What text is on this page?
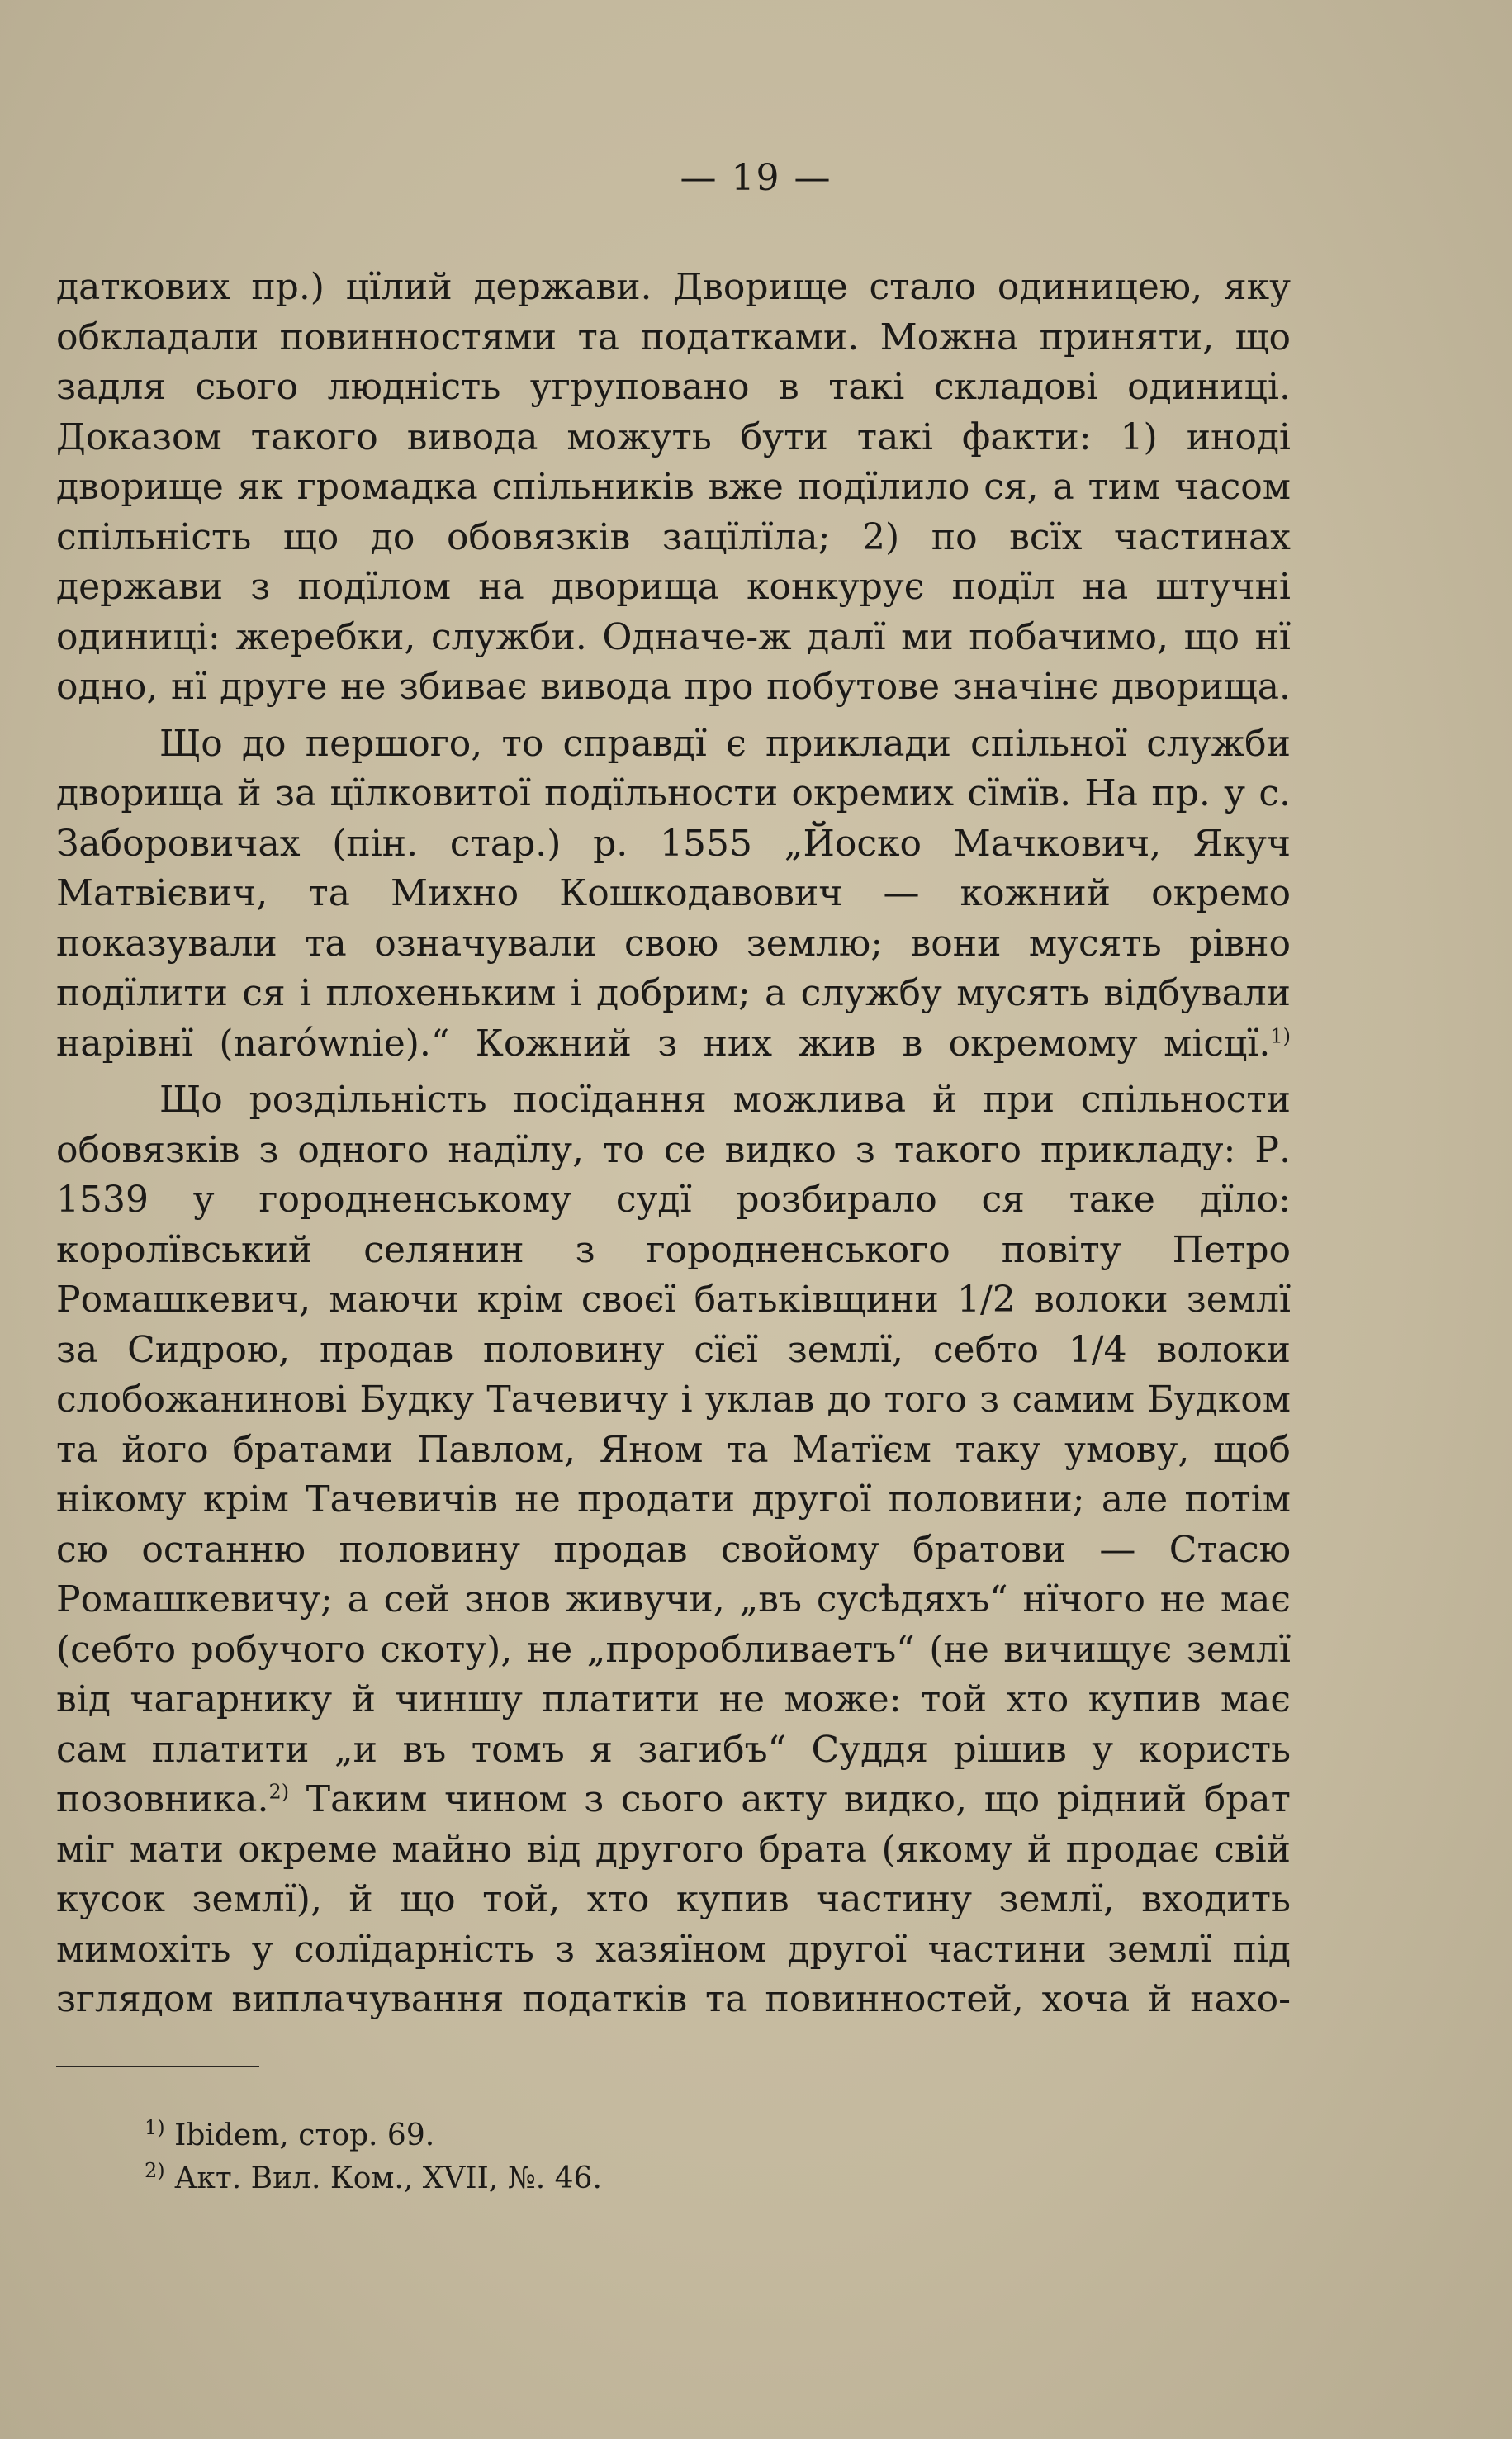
— 19 —

даткових пр.) цїлий держави. Дворище стало одиницею, яку обкладали повинностями та податками. Можна приняти, що задля сього людність угруповано в такі складові одиниці. Доказом такого вивода можуть бути такі факти: 1) иноді дворище як громадка спільників вже подїлило ся, а тим часом спільність що до обовязків зацїлїла; 2) по всїх частинах держави з подїлом на дворища конкурує подїл на штучні одиниці: жеребки, служби. Одначе-ж далї ми побачимо, що нї одно, нї друге не збиває вивода про побутове значінє дворища.

Що до першого, то справдї є приклади спільної служби дворища й за цїлковитої подїльности окремих сїмїв. На пр. у с. Заборовичах (пін. стар.) р. 1555 „Йоско Мачкович, Якуч Матвієвич, та Михно Кошкодавович — кожний окремо показували та означували свою землю; вони мусять рівно подїлити ся і плохеньким і добрим; а службу мусять відбували нарівнї (narównie).“ Кожний з них жив в окремому місцї.$^{1)}$

Що роздільність посїдання можлива й при спільности обовязків з одного надїлу, то се видко з такого прикладу: Р. 1539 у городненському судї розбирало ся таке дїло: королївський селянин з городненського повіту Петро Ромашкевич, маючи крім своєї батьківщини 1/2 волоки землї за Сидрою, продав половину сїєї землї, себто 1/4 волоки слобожанинові Будку Тачевичу і уклав до того з самим Будком та його братами Павлом, Яном та Матїєм таку умову, щоб нікому крім Тачевичів не продати другої половини; але потім сю останню половину продав свойому братови — Стасю Ромашкевичу; а сей знов живучи, „въ сусѣдяхъ“ нїчого не має (себто робучого скоту), не „проробливаетъ“ (не вичищує землї від чагарнику й чиншу платити не може: той хто купив має сам платити „и въ томъ я загибъ“ Суддя рішив у користь позовника.$^{2)}$ Таким чином з сього акту видко, що рідний брат міг мати окреме майно від другого брата (якому й продає свій кусок землї), й що той, хто купив частину землї, входить мимохіть у солїдарність з хазяїном другої частини землї під зглядом виплачування податків та повинностей, хоча й нахо-

$^{1)}$ Ibidem, стор. 69.

$^{2)}$ Акт. Вил. Ком., XVII, №. 46.
